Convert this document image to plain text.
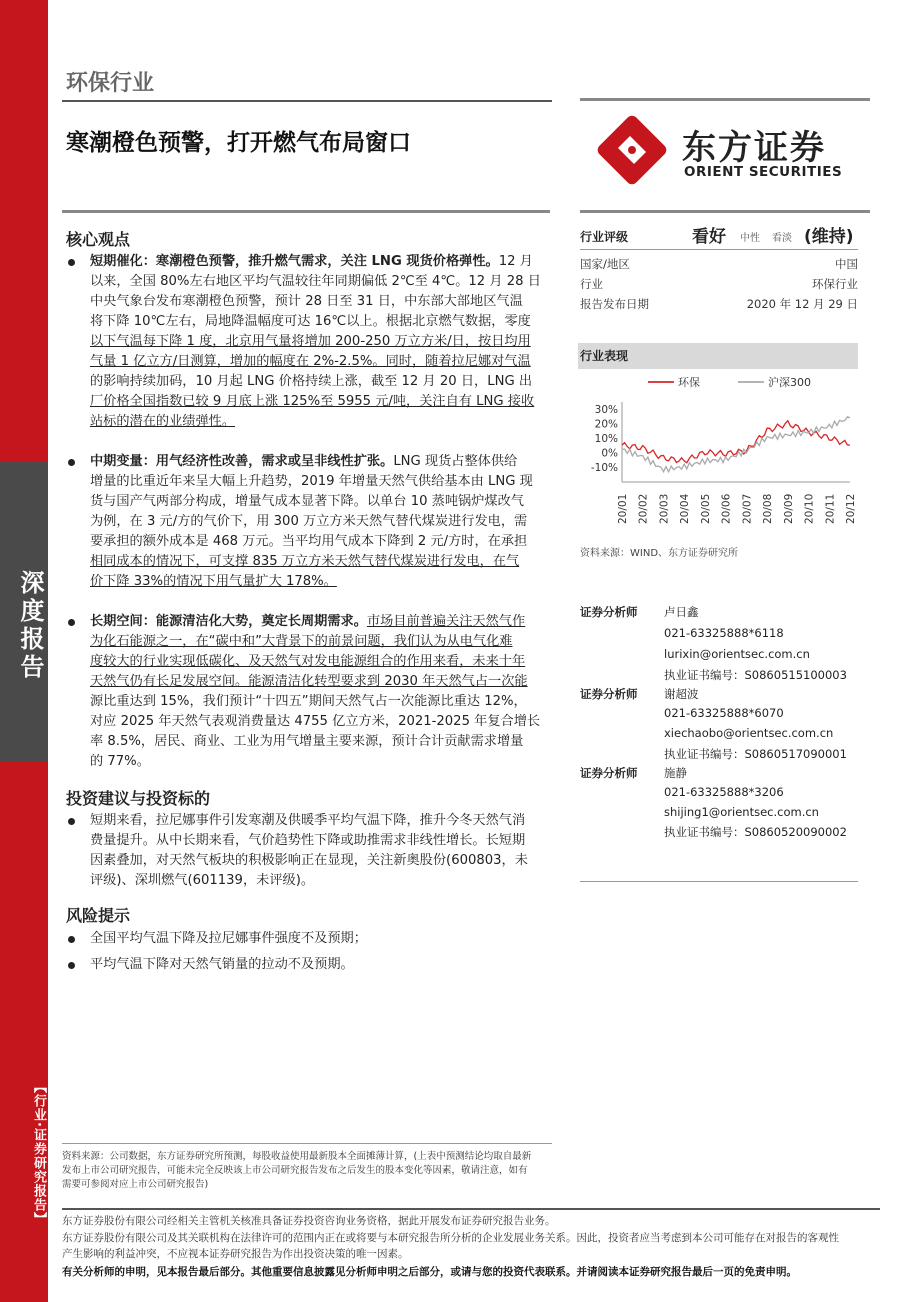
深度报告
【行业·证券研究报告】
环保行业
寒潮橙色预警，打开燃气布局窗口	东方证券
ORIENT SECURITIES
核心观点
短期催化：寒潮橙色预警，推升燃气需求，关注 LNG 现货价格弹性。12 月
以来，全国 80%左右地区平均气温较往年同期偏低 2℃至 4℃。12 月 28 日
中央气象台发布寒潮橙色预警，预计 28 日至 31 日，中东部大部地区气温
将下降 10℃左右，局地降温幅度可达 16℃以上。根据北京燃气数据，零度
以下气温每下降 1 度，北京用气量将增加 200-250 万立方米/日，按日均用
气量 1 亿立方/日测算，增加的幅度在 2%-2.5%。同时，随着拉尼娜对气温
的影响持续加码，10 月起 LNG 价格持续上涨，截至 12 月 20 日，LNG 出
厂价格全国指数已较 9 月底上涨 125%至 5955 元/吨，关注自有 LNG 接收
站标的潜在的业绩弹性。
中期变量：用气经济性改善，需求或呈非线性扩张。LNG 现货占整体供给
增量的比重近年来呈大幅上升趋势，2019 年增量天然气供给基本由 LNG 现
货与国产气两部分构成，增量气成本显著下降。以单台 10 蒸吨锅炉煤改气
为例，在 3 元/方的气价下，用 300 万立方米天然气替代煤炭进行发电，需
要承担的额外成本是 468 万元。当平均用气成本下降到 2 元/方时，在承担
相同成本的情况下，可支撑 835 万立方米天然气替代煤炭进行发电，在气
价下降 33%的情况下用气量扩大 178%。
长期空间：能源清洁化大势，奠定长周期需求。市场目前普遍关注天然气作
为化石能源之一，在“碳中和”大背景下的前景问题，我们认为从电气化难
度较大的行业实现低碳化、及天然气对发电能源组合的作用来看，未来十年
天然气仍有长足发展空间。能源清洁化转型要求到 2030 年天然气占一次能
源比重达到 15%，我们预计“十四五”期间天然气占一次能源比重达 12%，
对应 2025 年天然气表观消费量达 4755 亿立方米，2021-2025 年复合增长
率 8.5%，居民、商业、工业为用气增量主要来源，预计合计贡献需求增量
的 77%。

投资建议与投资标的
短期来看，拉尼娜事件引发寒潮及供暖季平均气温下降，推升今冬天然气消
费量提升。从中长期来看，气价趋势性下降或助推需求非线性增长。长短期
因素叠加，对天然气板块的积极影响正在显现，关注新奥股份(600803，未
评级)、深圳燃气(601139，未评级)。
风险提示
全国平均气温下降及拉尼娜事件强度不及预期；
平均气温下降对天然气销量的拉动不及预期。
行业评级	看好 中性 看淡 (维持)
国家/地区	中国
行业	环保行业
报告发布日期	2020 年 12 月 29 日
行业表现
环保	沪深300
30%
20%
10%
0%
-10%
20/01 20/02 20/03 20/04 20/05 20/06 20/07 20/08 20/09 20/10 20/11 20/12
资料来源：WIND、东方证券研究所
证券分析师 卢日鑫
021-63325888*6118
lurixin@orientsec.com.cn
执业证书编号：S0860515100003
证券分析师 谢超波
021-63325888*6070
xiechaobo@orientsec.com.cn
执业证书编号：S0860517090001
证券分析师 施静
021-63325888*3206
shijing1@orientsec.com.cn
执业证书编号：S0860520090002
资料来源：公司数据，东方证券研究所预测，每股收益使用最新股本全面摊薄计算，(上表中预测结论均取自最新
发布上市公司研究报告，可能未完全反映该上市公司研究报告发布之后发生的股本变化等因素，敬请注意，如有
需要可参阅对应上市公司研究报告)
东方证券股份有限公司经相关主管机关核准具备证券投资咨询业务资格，据此开展发布证券研究报告业务。
东方证券股份有限公司及其关联机构在法律许可的范围内正在或将要与本研究报告所分析的企业发展业务关系。因此，投资者应当考虑到本公司可能存在对报告的客观性
产生影响的利益冲突，不应视本证券研究报告为作出投资决策的唯一因素。
有关分析师的申明，见本报告最后部分。其他重要信息披露见分析师申明之后部分，或请与您的投资代表联系。并请阅读本证券研究报告最后一页的免责申明。
